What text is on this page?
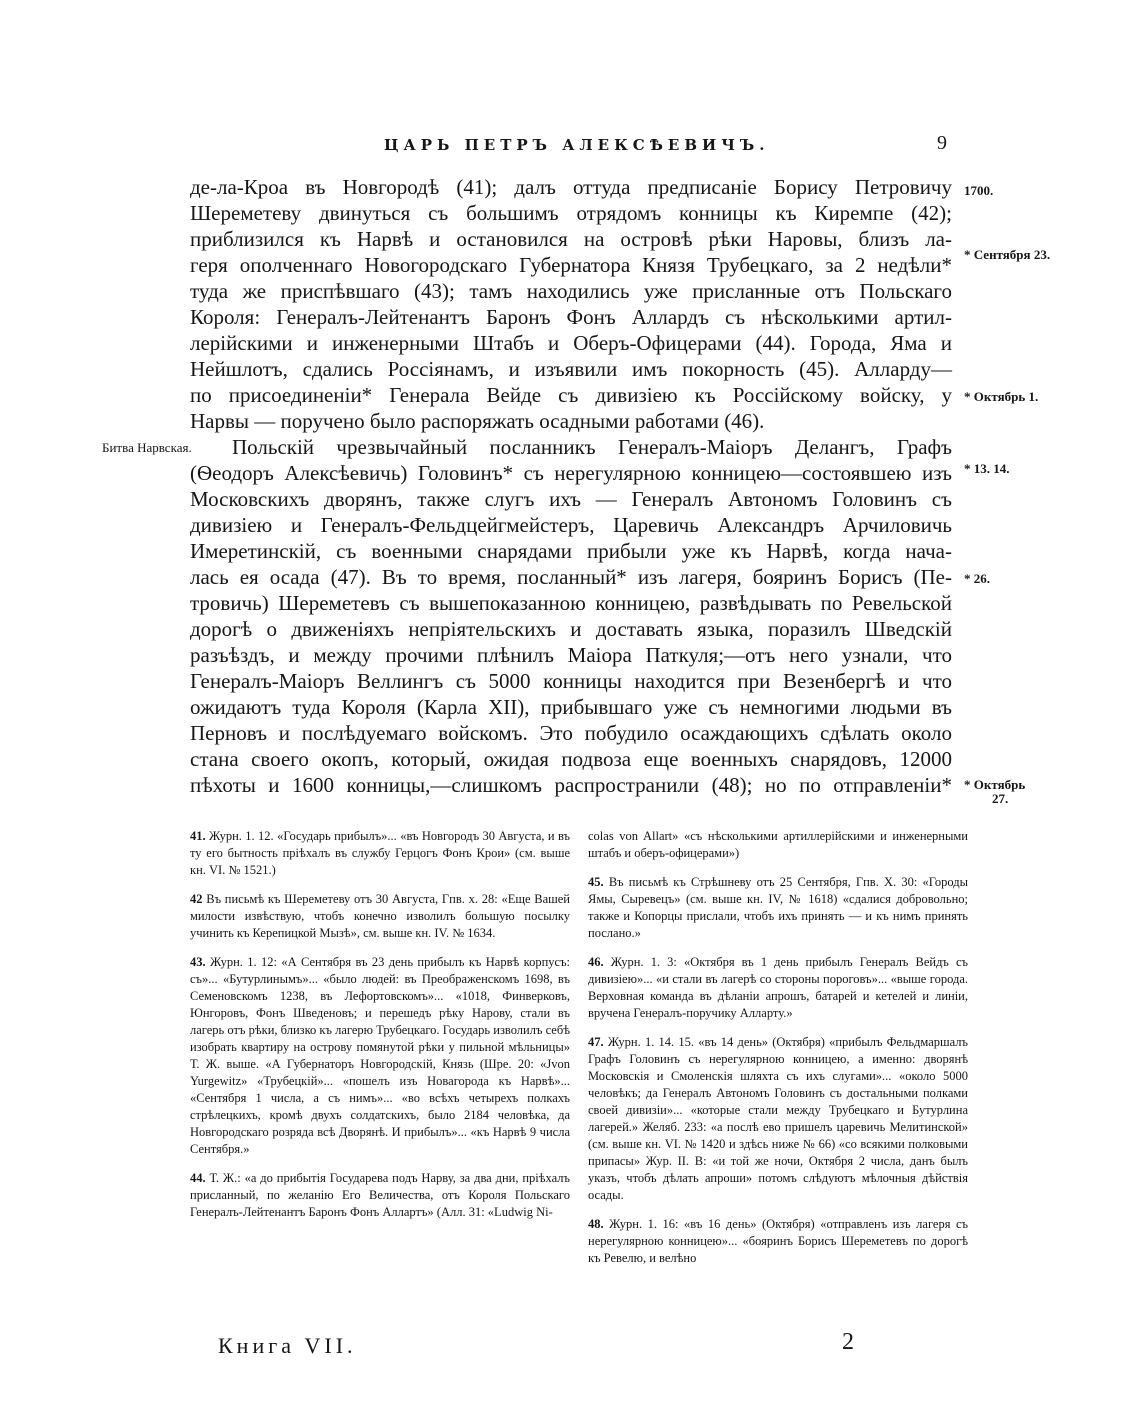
ЦАРЬ ПЕТРЪ АЛЕКСѢЕВИЧЪ.	9
де-ла-Кроа въ Новгородѣ (41); далъ оттуда предписаніе Борису Петровичу
Шереметеву двинуться съ большимъ отрядомъ конницы къ Киремпе (42);
приблизился къ Нарвѣ и остановился на островѣ рѣки Наровы, близъ ла-
геря ополченнаго Новогородскаго Губернатора Князя Трубецкаго, за 2 недѣли*
туда же приспѣвшаго (43); тамъ находились уже присланные отъ Польскаго
Короля: Генералъ-Лейтенантъ Баронъ Фонъ Аллардъ съ нѣсколькими артил-
лерійскими и инженерными Штабъ и Оберъ-Офицерами (44). Города, Яма и
Нейшлотъ, сдались Россіянамъ, и изъявили имъ покорность (45). Алларду—
по присоединеніи* Генерала Вейде съ дивизіею къ Россійскому войску, у
Нарвы — поручено было распоряжать осадными работами (46).
Польскій чрезвычайный посланникъ Генералъ-Маіоръ Делангъ, Графъ
(Ѳеодоръ Алексѣевичь) Головинъ* съ нерегулярною конницею—состоявшею изъ
Московскихъ дворянъ, также слугъ ихъ — Генералъ Автономъ Головинъ съ
дивизіею и Генералъ-Фельдцейгмейстеръ, Царевичь Александръ Арчиловичь
Имеретинскій, съ военными снарядами прибыли уже къ Нарвѣ, когда нача-
лась ея осада (47). Въ то время, посланный* изъ лагеря, бояринъ Борисъ (Пе-
тровичь) Шереметевъ съ вышепоказанною конницею, развѣдывать по Ревельской
дорогѣ о движеніяхъ непріятельскихъ и доставать языка, поразилъ Шведскій
разъѣздъ, и между прочими плѣнилъ Маіора Паткуля;—отъ него узнали, что
Генералъ-Маіоръ Веллингъ съ 5000 конницы находится при Везенбергѣ и что
ожидаютъ туда Короля (Карла XII), прибывшаго уже съ немногими людьми въ
Перновъ и послѣдуемаго войскомъ. Это побудило осаждающихъ сдѣлать около
стана своего окопъ, который, ожидая подвоза еще военныхъ снарядовъ, 12000
пѣхоты и 1600 конницы,—слишкомъ распространили (48); но по отправленіи*
1700.
* Сентября 23.
* Октябрь 1.
* 13. 14.
* 26.
* Октябрь
27.
Битва Нарвская.
41. Журн. 1. 12. «Государь прибылъ»... «въ Новгородъ 30 Августа, и въ ту его бытность пріѣхалъ въ службу Герцогъ Фонъ Крои» (см. выше кн. VI. № 1521.)
42 Въ письмѣ къ Шереметеву отъ 30 Августа, Гпв. х. 28: «Еще Вашей милости извѣствую, чтобъ конечно изволилъ большую посылку учинить къ Керепицкой Мызѣ», см. выше кн. IV. № 1634.
43. Журн. 1. 12: «А Сентября въ 23 день прибылъ къ Нарвѣ корпусъ: съ»... «Бутурлинымъ»... «было людей: въ Преображенскомъ 1698, въ Семеновскомъ 1238, въ Лефортовскомъ»... «1018, Финверковъ, Юнгоровъ, Фонъ Шведеновъ; и перешедъ рѣку Нарову, стали въ лагерь отъ рѣки, близко къ лагерю Трубецкаго. Государь изволилъ себѣ изобрать квартиру на острову помянутой рѣки у пильной мѣльницы» Т. Ж. выше. «А Губернаторъ Новгородскій, Князь (Шре. 20: «Jvon Yurgewitz» «Трубецкій»... «пошелъ изъ Новагорода къ Нарвѣ»... «Сентября 1 числа, а съ нимъ»... «во всѣхъ четырехъ полкахъ стрѣлецкихъ, кромѣ двухъ солдатскихъ, было 2184 человѣка, да Новгородскаго розряда всѣ Дворянѣ. И прибылъ»... «къ Нарвѣ 9 числа Сентября.»
44. Т. Ж.: «а до прибытія Государева подъ Нарву, за два дни, пріѣхалъ присланный, по желанію Его Величества, отъ Короля Польскаго Генералъ-Лейтенантъ Баронъ Фонъ Аллартъ» (Алл. 31: «Ludwig Ni-
colas von Allart» «съ нѣсколькими артиллерійскими и инженерными штабъ и оберъ-офицерами»)
45. Въ письмѣ къ Стрѣшневу отъ 25 Сентября, Гпв. Х. 30: «Городы Ямы, Сыревецъ» (см. выше кн. IV, № 1618) «сдалися добровольно; также и Копорцы прислали, чтобъ ихъ принять — и къ нимъ принять послано.»
46. Журн. 1. 3: «Октября въ 1 день прибылъ Генералъ Вейдъ съ дивизіею»... «и стали въ лагерѣ со стороны пороговъ»... «выше города. Верховная команда въ дѣланіи апрошъ, батарей и кетелей и линіи, вручена Генералъ-поручику Алларту.»
47. Журн. 1. 14. 15. «въ 14 день» (Октября) «прибылъ Фельдмаршалъ Графъ Головинъ съ нерегулярною конницею, а именно: дворянѣ Московскія и Смоленскія шляхта съ ихъ слугами»... «около 5000 человѣкъ; да Генералъ Автономъ Головинъ съ достальными полками своей дивизіи»... «которые стали между Трубецкаго и Бутурлина лагерей.» Желяб. 233: «а послѣ ево пришелъ царевичь Мелитинской» (см. выше кн. VI. № 1420 и здѣсь ниже № 66) «со всякими полковыми припасы» Жур. II. В: «и той же ночи, Октября 2 числа, данъ былъ указъ, чтобъ дѣлать апроши» потомъ слѣдуютъ мѣлочныя дѣйствія осады.
48. Журн. 1. 16: «въ 16 день» (Октября) «отправленъ изъ лагеря съ нерегулярною конницею»... «бояринъ Борисъ Шереметевъ по дорогѣ къ Ревелю, и велѣно
Книга VII.	2
